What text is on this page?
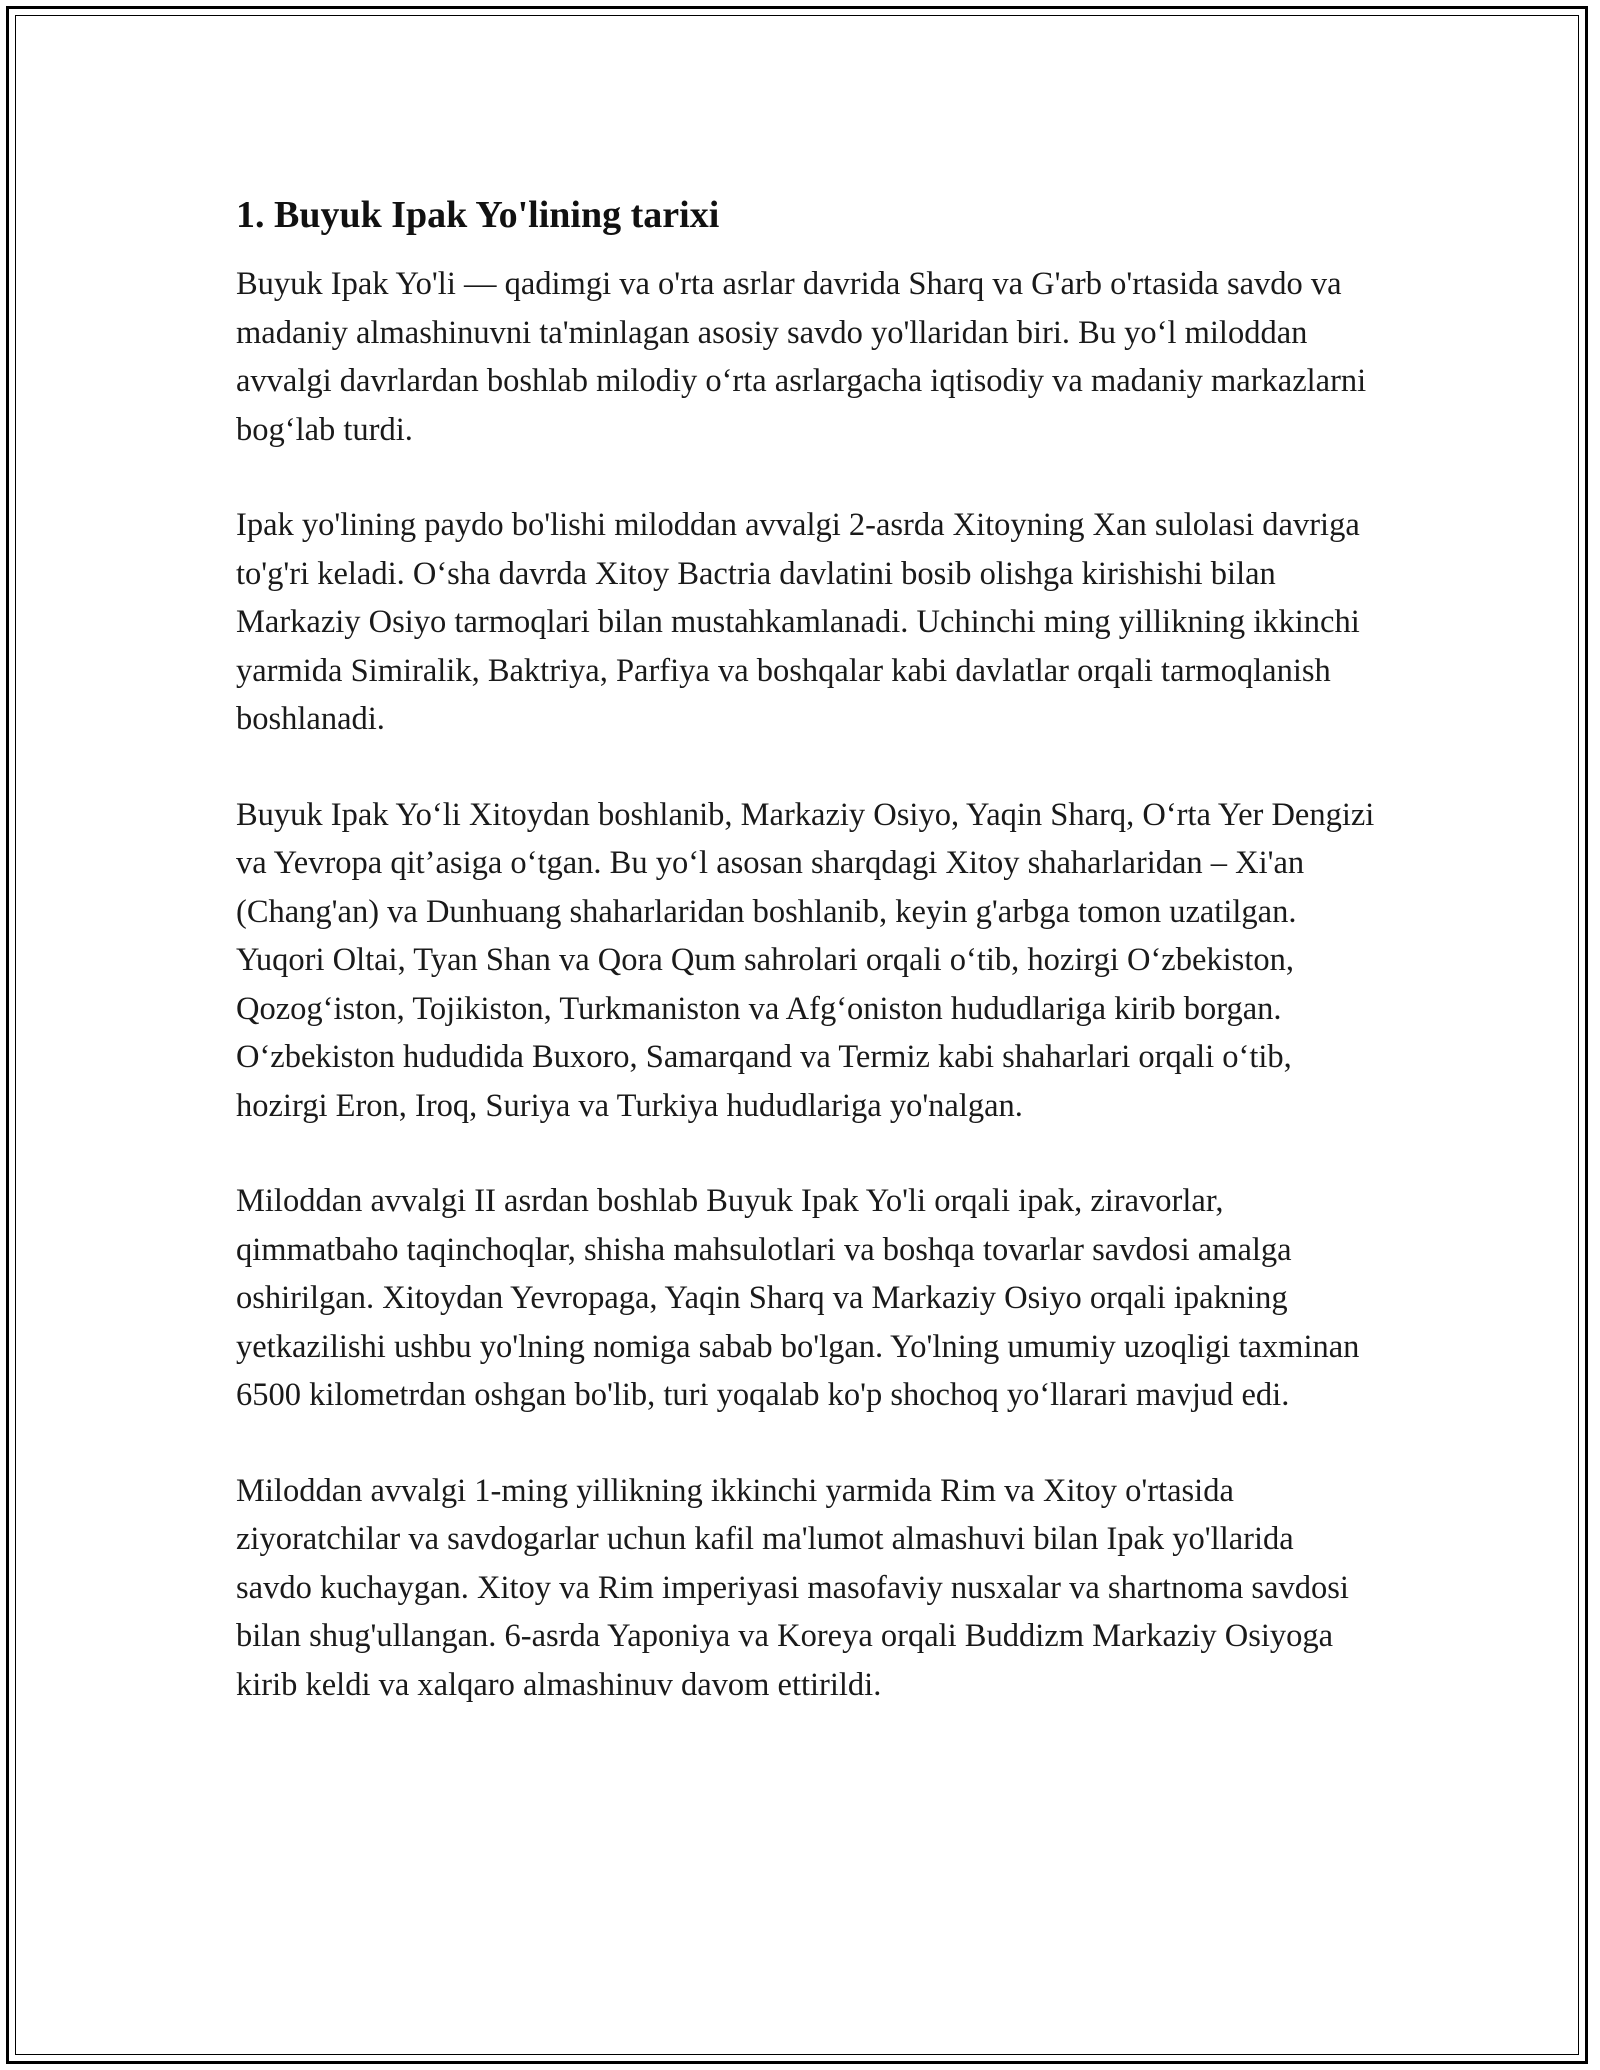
1. Buyuk Ipak Yo'lining tarixi

Buyuk Ipak Yo'li — qadimgi va o'rta asrlar davrida Sharq va G'arb o'rtasida savdo va madaniy almashinuvni ta'minlagan asosiy savdo yo'llaridan biri. Bu yo‘l miloddan avvalgi davrlardan boshlab milodiy o‘rta asrlargacha iqtisodiy va madaniy markazlarni bog‘lab turdi.

Ipak yo'lining paydo bo'lishi miloddan avvalgi 2-asrda Xitoyning Xan sulolasi davriga to'g'ri keladi. O‘sha davrda Xitoy Bactria davlatini bosib olishga kirishishi bilan Markaziy Osiyo tarmoqlari bilan mustahkamlanadi. Uchinchi ming yillikning ikkinchi yarmida Simiralik, Baktriya, Parfiya va boshqalar kabi davlatlar orqali tarmoqlanish boshlanadi.

Buyuk Ipak Yo‘li Xitoydan boshlanib, Markaziy Osiyo, Yaqin Sharq, O‘rta Yer Dengizi va Yevropa qit’asiga o‘tgan. Bu yo‘l asosan sharqdagi Xitoy shaharlaridan – Xi'an (Chang'an) va Dunhuang shaharlaridan boshlanib, keyin g'arbga tomon uzatilgan. Yuqori Oltai, Tyan Shan va Qora Qum sahrolari orqali o‘tib, hozirgi O‘zbekiston, Qozog‘iston, Tojikiston, Turkmaniston va Afg‘oniston hududlariga kirib borgan. O‘zbekiston hududida Buxoro, Samarqand va Termiz kabi shaharlari orqali o‘tib, hozirgi Eron, Iroq, Suriya va Turkiya hududlariga yo'nalgan.

Miloddan avvalgi II asrdan boshlab Buyuk Ipak Yo'li orqali ipak, ziravorlar, qimmatbaho taqinchoqlar, shisha mahsulotlari va boshqa tovarlar savdosi amalga oshirilgan. Xitoydan Yevropaga, Yaqin Sharq va Markaziy Osiyo orqali ipakning yetkazilishi ushbu yo'lning nomiga sabab bo'lgan. Yo'lning umumiy uzoqligi taxminan 6500 kilometrdan oshgan bo'lib, turi yoqalab ko'p shochoq yo‘llarari mavjud edi.

Miloddan avvalgi 1-ming yillikning ikkinchi yarmida Rim va Xitoy o'rtasida ziyoratchilar va savdogarlar uchun kafil ma'lumot almashuvi bilan Ipak yo'llarida savdo kuchaygan. Xitoy va Rim imperiyasi masofaviy nusxalar va shartnoma savdosi bilan shug'ullangan. 6-asrda Yaponiya va Koreya orqali Buddizm Markaziy Osiyoga kirib keldi va xalqaro almashinuv davom ettirildi.
